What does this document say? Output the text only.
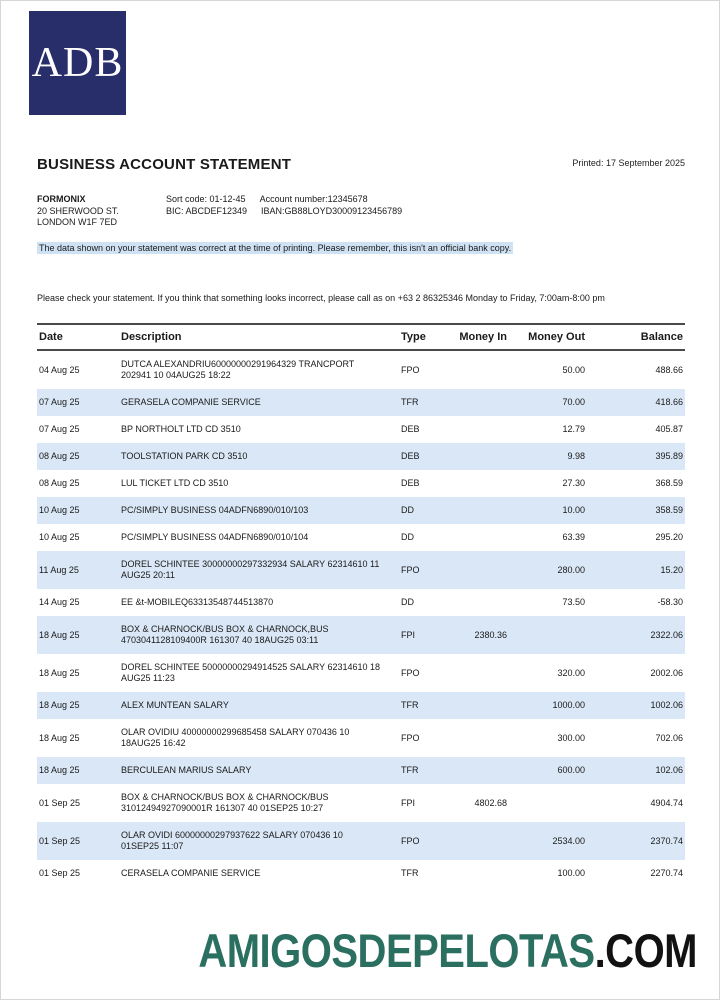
ADB
BUSINESS ACCOUNT STATEMENT	Printed: 17 September 2025
FORMONIX
20 SHERWOOD ST.
LONDON W1F 7ED
Sort code: 01-12-45 Account number:12345678
BIC: ABCDEF12349 IBAN:GB88LOYD30009123456789
The data shown on your statement was correct at the time of printing. Please remember, this isn't an official bank copy.
Please check your statement. If you think that something looks incorrect, please call as on +63 2 86325346 Monday to Friday, 7:00am-8:00 pm
Date	Description	Type	Money In	Money Out	Balance
04 Aug 25	DUTCA ALEXANDRIU60000000291964329 TRANCPORT 202941 10 04AUG25 18:22	FPO		50.00	488.66
07 Aug 25	GERASELA COMPANIE SERVICE	TFR		70.00	418.66
07 Aug 25	BP NORTHOLT LTD CD 3510	DEB		12.79	405.87
08 Aug 25	TOOLSTATION PARK CD 3510	DEB		9.98	395.89
08 Aug 25	LUL TICKET LTD CD 3510	DEB		27.30	368.59
10 Aug 25	PC/SIMPLY BUSINESS 04ADFN6890/010/103	DD		10.00	358.59
10 Aug 25	PC/SIMPLY BUSINESS 04ADFN6890/010/104	DD		63.39	295.20
11 Aug 25	DOREL SCHINTEE 30000000297332934 SALARY 62314610 11 AUG25 20:11	FPO		280.00	15.20
14 Aug 25	EE &t-MOBILEQ63313548744513870	DD		73.50	-58.30
18 Aug 25	BOX & CHARNOCK/BUS BOX & CHARNOCK,BUS 4703041128109400R 161307 40 18AUG25 03:11	FPI	2380.36		2322.06
18 Aug 25	DOREL SCHINTEE 50000000294914525 SALARY 62314610 18 AUG25 11:23	FPO		320.00	2002.06
18 Aug 25	ALEX MUNTEAN SALARY	TFR		1000.00	1002.06
18 Aug 25	OLAR OVIDIU 40000000299685458 SALARY 070436 10 18AUG25 16:42	FPO		300.00	702.06
18 Aug 25	BERCULEAN MARIUS SALARY	TFR		600.00	102.06
01 Sep 25	BOX & CHARNOCK/BUS BOX & CHARNOCK/BUS 31012494927090001R 161307 40 01SEP25 10:27	FPI	4802.68		4904.74
01 Sep 25	OLAR OVIDI 60000000297937622 SALARY 070436 10 01SEP25 11:07	FPO		2534.00	2370.74
01 Sep 25	CERASELA COMPANIE SERVICE	TFR		100.00	2270.74
AMIGOSDEPELOTAS.COM
